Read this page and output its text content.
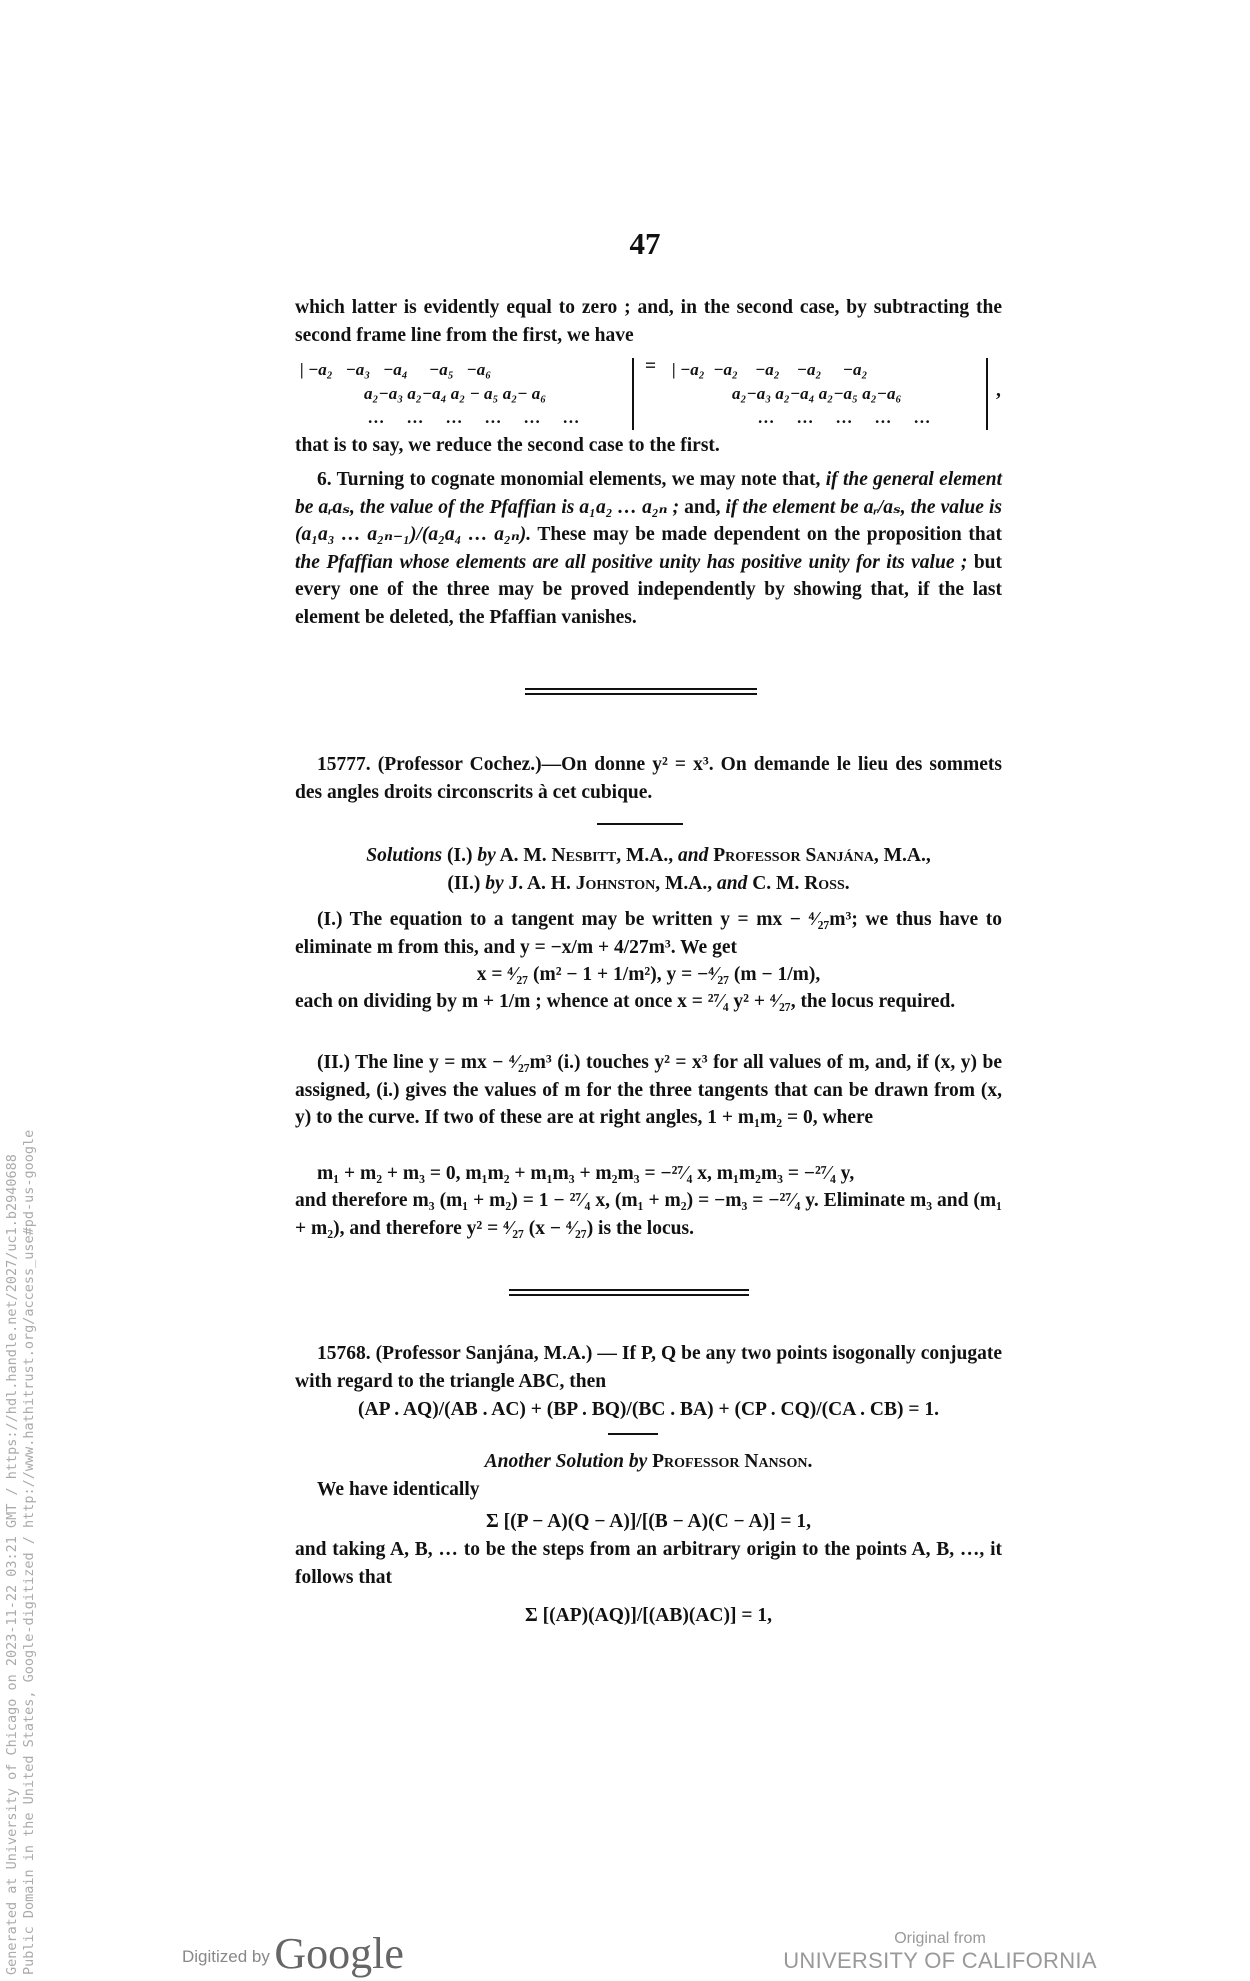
47
which latter is evidently equal to zero ; and, in the second case, by subtracting the second frame line from the first, we have
| −a₂   −a₃   −a₄     −a₅   −a₆
a₂−a₃ a₂−a₄ a₂ − a₅ a₂− a₆
…    …    …    …    …    …
= | −a₂  −a₂    −a₂    −a₂     −a₂
a₂−a₃ a₂−a₄ a₂−a₅ a₂−a₆
…    …    …    …    …
,
that is to say, we reduce the second case to the first.
6. Turning to cognate monomial elements, we may note that, if the general element be aᵣaₛ, the value of the Pfaffian is a₁a₂ … a₂ₙ ; and, if the element be aᵣ/aₛ, the value is (a₁a₃ … a₂ₙ₋₁)/(a₂a₄ … a₂ₙ). These may be made dependent on the proposition that the Pfaffian whose elements are all positive unity has positive unity for its value ; but every one of the three may be proved independently by showing that, if the last element be deleted, the Pfaffian vanishes.
15777. (Professor Cochez.)—On donne y² = x³. On demande le lieu des sommets des angles droits circonscrits à cet cubique.
Solutions (I.) by A. M. Nesbitt, M.A., and Professor Sanjána, M.A.,
(II.) by J. A. H. Johnston, M.A., and C. M. Ross.
(I.) The equation to a tangent may be written y = mx − ⁴⁄₂₇m³; we thus have to eliminate m from this, and y = −x/m + 4/27m³. We get
x = ⁴⁄₂₇ (m² − 1 + 1/m²), y = −⁴⁄₂₇ (m − 1/m),
each on dividing by m + 1/m ; whence at once x = ²⁷⁄₄ y² + ⁴⁄₂₇, the locus required.
(II.) The line y = mx − ⁴⁄₂₇m³ (i.) touches y² = x³ for all values of m, and, if (x, y) be assigned, (i.) gives the values of m for the three tangents that can be drawn from (x, y) to the curve. If two of these are at right angles, 1 + m₁m₂ = 0, where
m₁ + m₂ + m₃ = 0, m₁m₂ + m₁m₃ + m₂m₃ = −²⁷⁄₄ x, m₁m₂m₃ = −²⁷⁄₄ y,
and therefore m₃ (m₁ + m₂) = 1 − ²⁷⁄₄ x, (m₁ + m₂) = −m₃ = −²⁷⁄₄ y. Eliminate m₃ and (m₁ + m₂), and therefore y² = ⁴⁄₂₇ (x − ⁴⁄₂₇) is the locus.
15768. (Professor Sanjána, M.A.) — If P, Q be any two points isogonally conjugate with regard to the triangle ABC, then
(AP . AQ)/(AB . AC) + (BP . BQ)/(BC . BA) + (CP . CQ)/(CA . CB) = 1.
Another Solution by Professor Nanson.
We have identically
Σ [(P − A)(Q − A)]/[(B − A)(C − A)] = 1,
and taking A, B, … to be the steps from an arbitrary origin to the points A, B, …, it follows that
Σ [(AP)(AQ)]/[(AB)(AC)] = 1,
Generated at University of Chicago on 2023-11-22 03:21 GMT / https://hdl.handle.net/2027/uc1.b2940688 Public Domain in the United States, Google-digitized / http://www.hathitrust.org/access_use#pd-us-google	Digitized by Google	Original from
UNIVERSITY OF CALIFORNIA
